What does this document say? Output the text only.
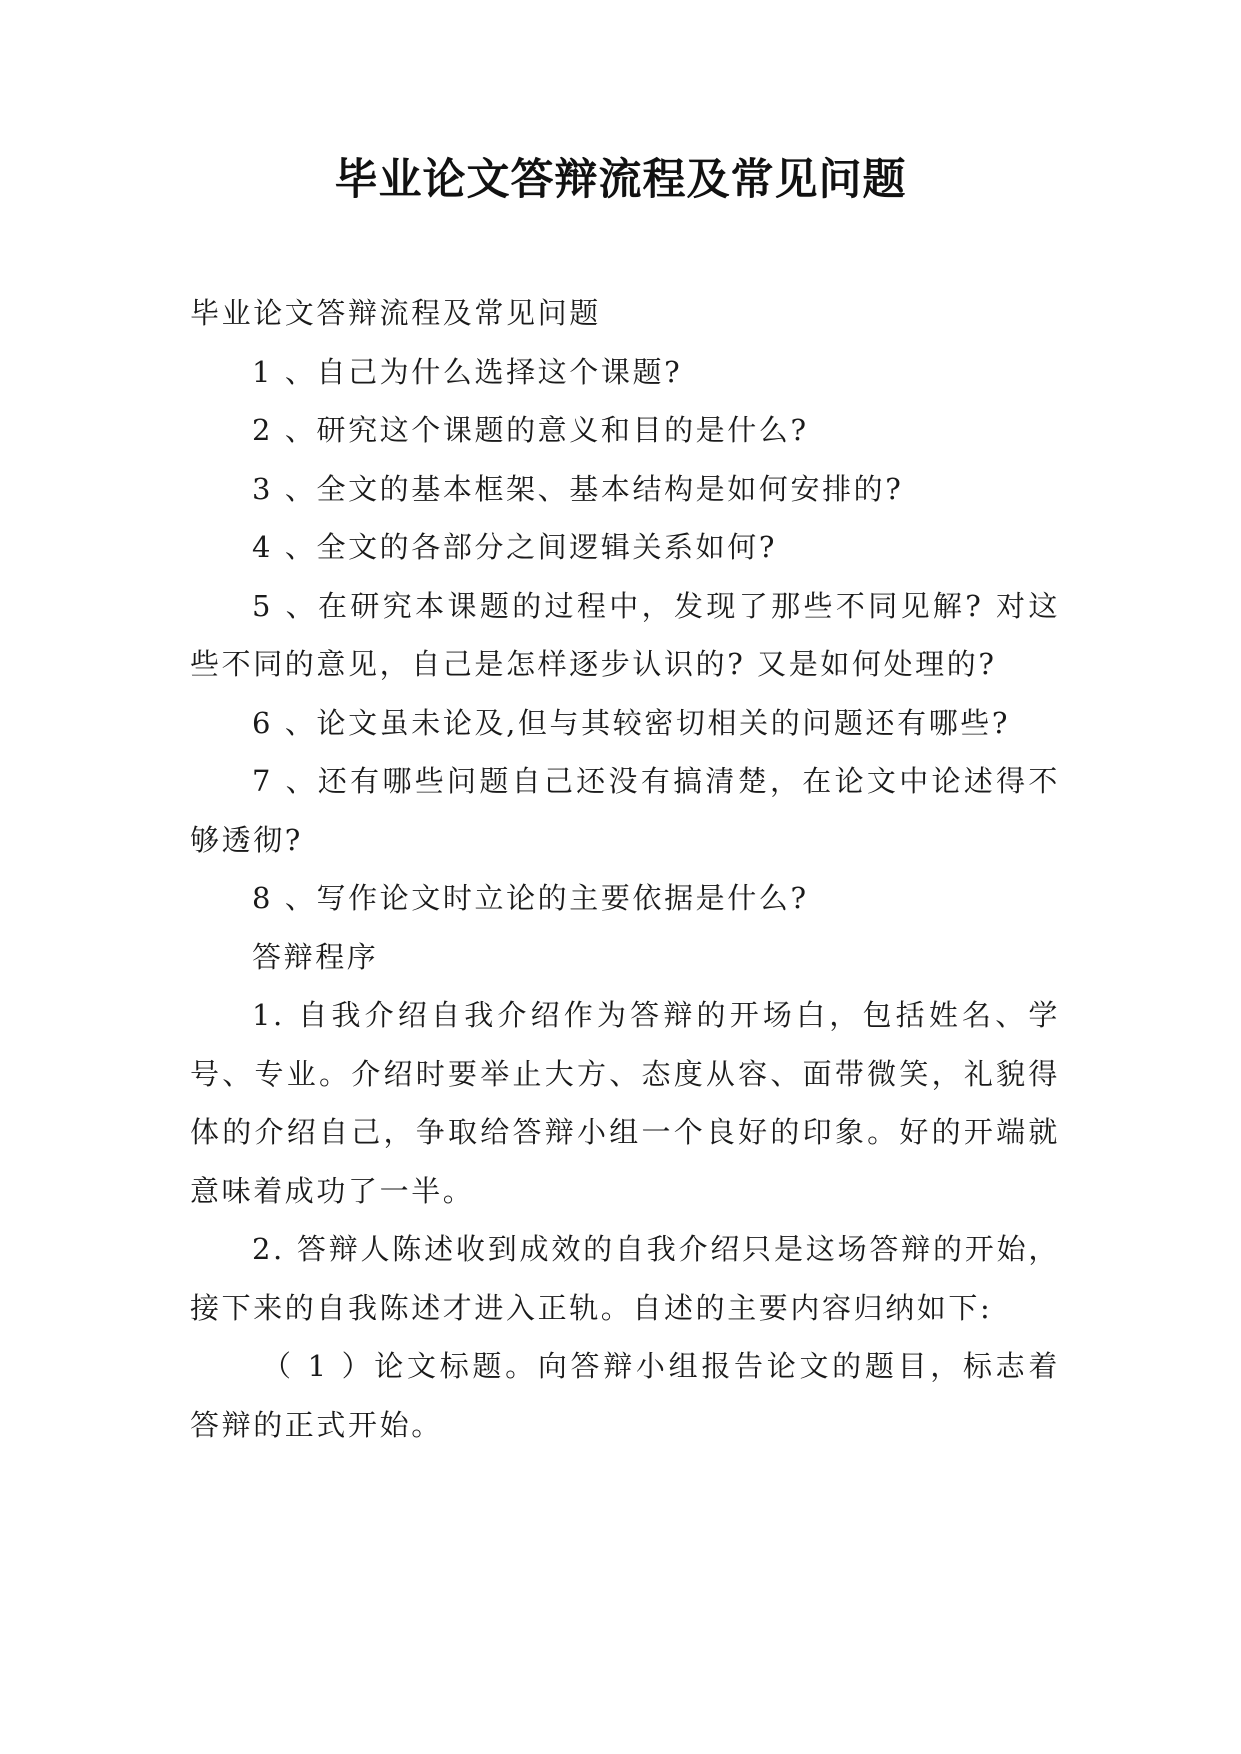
毕业论文答辩流程及常见问题

毕业论文答辩流程及常见问题

1 、自己为什么选择这个课题?

2 、研究这个课题的意义和目的是什么?

3 、全文的基本框架、基本结构是如何安排的?

4 、全文的各部分之间逻辑关系如何?

5 、在研究本课题的过程中，发现了那些不同见解? 对这些不同的意见，自己是怎样逐步认识的? 又是如何处理的?

6 、论文虽未论及,但与其较密切相关的问题还有哪些?

7 、还有哪些问题自己还没有搞清楚，在论文中论述得不够透彻?

8 、写作论文时立论的主要依据是什么?

答辩程序

1. 自我介绍自我介绍作为答辩的开场白，包括姓名、学号、专业。介绍时要举止大方、态度从容、面带微笑，礼貌得体的介绍自己，争取给答辩小组一个良好的印象。好的开端就意味着成功了一半。

2. 答辩人陈述收到成效的自我介绍只是这场答辩的开始，接下来的自我陈述才进入正轨。自述的主要内容归纳如下:

（ 1 ）论文标题。向答辩小组报告论文的题目，标志着答辩的正式开始。
